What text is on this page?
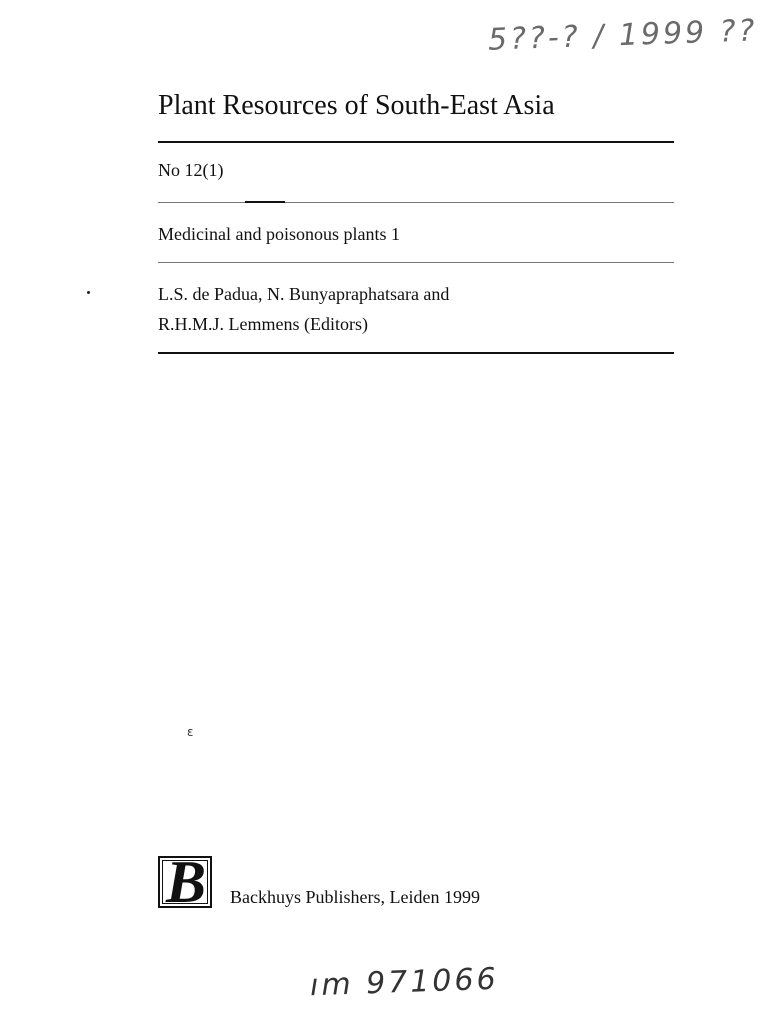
5??-? / 1999 ??
Plant Resources of South-East Asia
No 12(1)
Medicinal and poisonous plants 1
L.S. de Padua, N. Bunyapraphatsara and
R.H.M.J. Lemmens (Editors)
ɛ
B Backhuys Publishers, Leiden 1999
ım 971066
